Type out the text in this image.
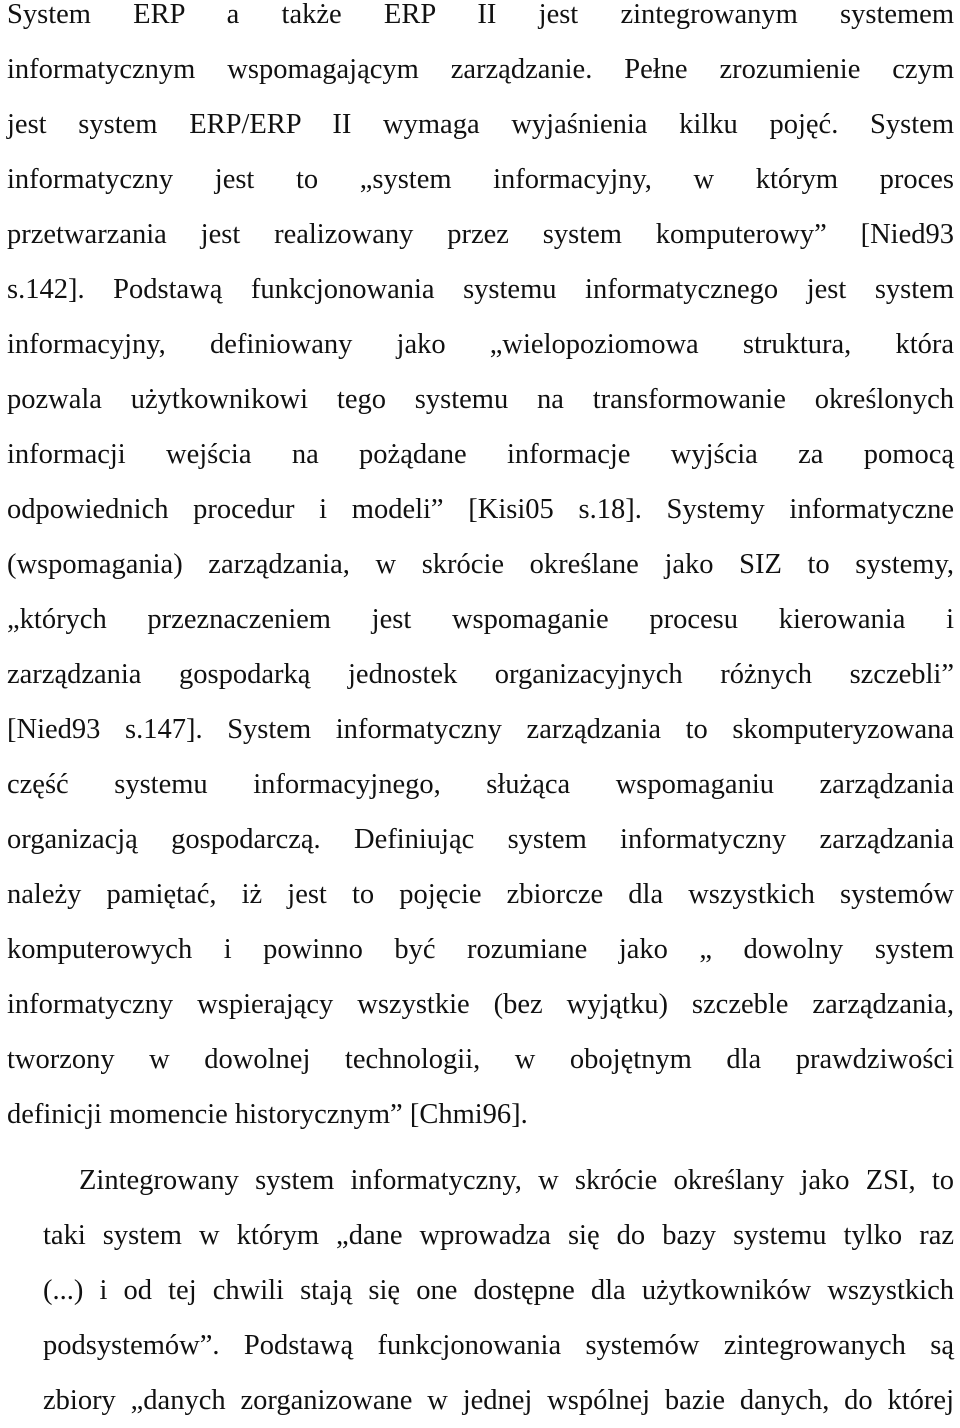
System ERP a także ERP II jest zintegrowanym systemem
informatycznym wspomagającym zarządzanie. Pełne zrozumienie czym
jest system ERP/ERP II wymaga wyjaśnienia kilku pojęć. System
informatyczny jest to „system informacyjny, w którym proces
przetwarzania jest realizowany przez system komputerowy” [Nied93
s.142]. Podstawą funkcjonowania systemu informatycznego jest system
informacyjny, definiowany jako „wielopoziomowa struktura, która
pozwala użytkownikowi tego systemu na transformowanie określonych
informacji wejścia na pożądane informacje wyjścia za pomocą
odpowiednich procedur i modeli” [Kisi05 s.18]. Systemy informatyczne
(wspomagania) zarządzania, w skrócie określane jako SIZ to systemy,
„których przeznaczeniem jest wspomaganie procesu kierowania i
zarządzania gospodarką jednostek organizacyjnych różnych szczebli”
[Nied93 s.147]. System informatyczny zarządzania to skomputeryzowana
część systemu informacyjnego, służąca wspomaganiu zarządzania
organizacją gospodarczą. Definiując system informatyczny zarządzania
należy pamiętać, iż jest to pojęcie zbiorcze dla wszystkich systemów
komputerowych i powinno być rozumiane jako „ dowolny system
informatyczny wspierający wszystkie (bez wyjątku) szczeble zarządzania,
tworzony w dowolnej technologii, w obojętnym dla prawdziwości
definicji momencie historycznym” [Chmi96].
Zintegrowany system informatyczny, w skrócie określany jako ZSI, to
taki system w którym „dane wprowadza się do bazy systemu tylko raz
(...) i od tej chwili stają się one dostępne dla użytkowników wszystkich
podsystemów”. Podstawą funkcjonowania systemów zintegrowanych są
zbiory „danych zorganizowane w jednej wspólnej bazie danych, do której
